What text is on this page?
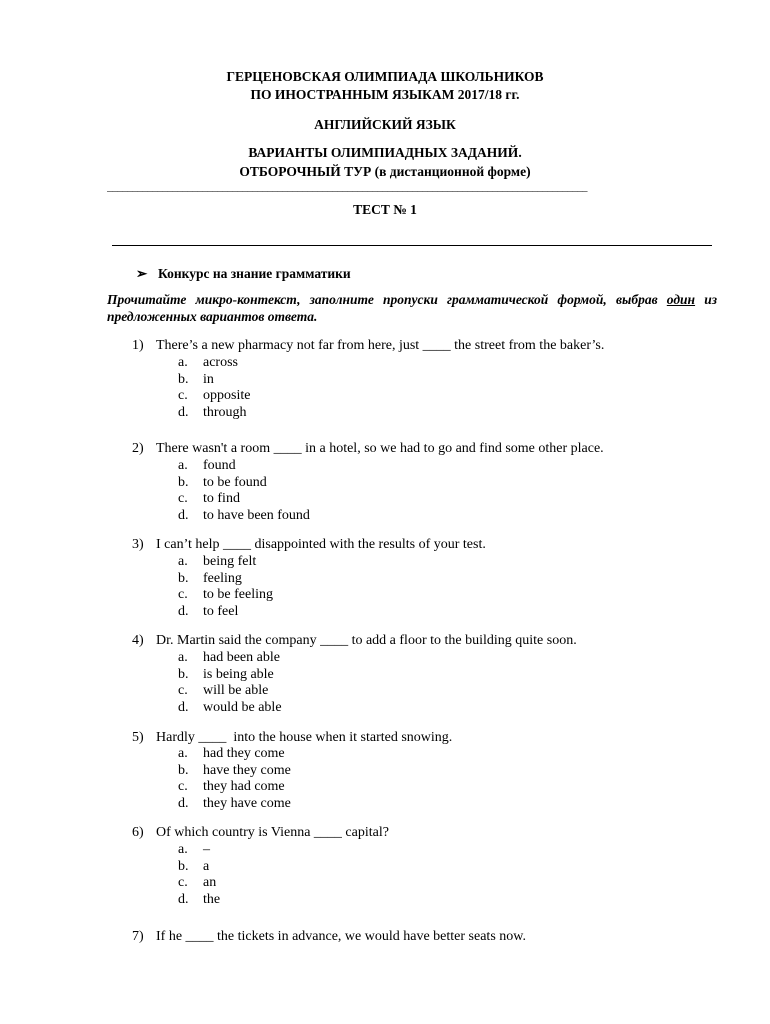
ГЕРЦЕНОВСКАЯ ОЛИМПИАДА ШКОЛЬНИКОВ
ПО ИНОСТРАННЫМ ЯЗЫКАМ 2017/18 гг.
АНГЛИЙСКИЙ ЯЗЫК
ВАРИАНТЫ ОЛИМПИАДНЫХ ЗАДАНИЙ.
ОТБОРОЧНЫЙ ТУР (в дистанционной форме)
________________________________________________________________________________________________
ТЕСТ № 1
➢ Конкурс на знание грамматики
Прочитайте микро-контекст, заполните пропуски грамматической формой, выбрав один из предложенных вариантов ответа.
1) There’s a new pharmacy not far from here, just ____ the street from the baker’s.
a. across
b. in
c. opposite
d. through
2) There wasn't a room ____ in a hotel, so we had to go and find some other place.
a. found
b. to be found
c. to find
d. to have been found
3) I can’t help ____ disappointed with the results of your test.
a. being felt
b. feeling
c. to be feeling
d. to feel
4) Dr. Martin said the company ____ to add a floor to the building quite soon.
a. had been able
b. is being able
c. will be able
d. would be able
5) Hardly ____  into the house when it started snowing.
a. had they come
b. have they come
c. they had come
d. they have come
6) Of which country is Vienna ____ capital?
a. –
b. a
c. an
d. the
7) If he ____ the tickets in advance, we would have better seats now.
